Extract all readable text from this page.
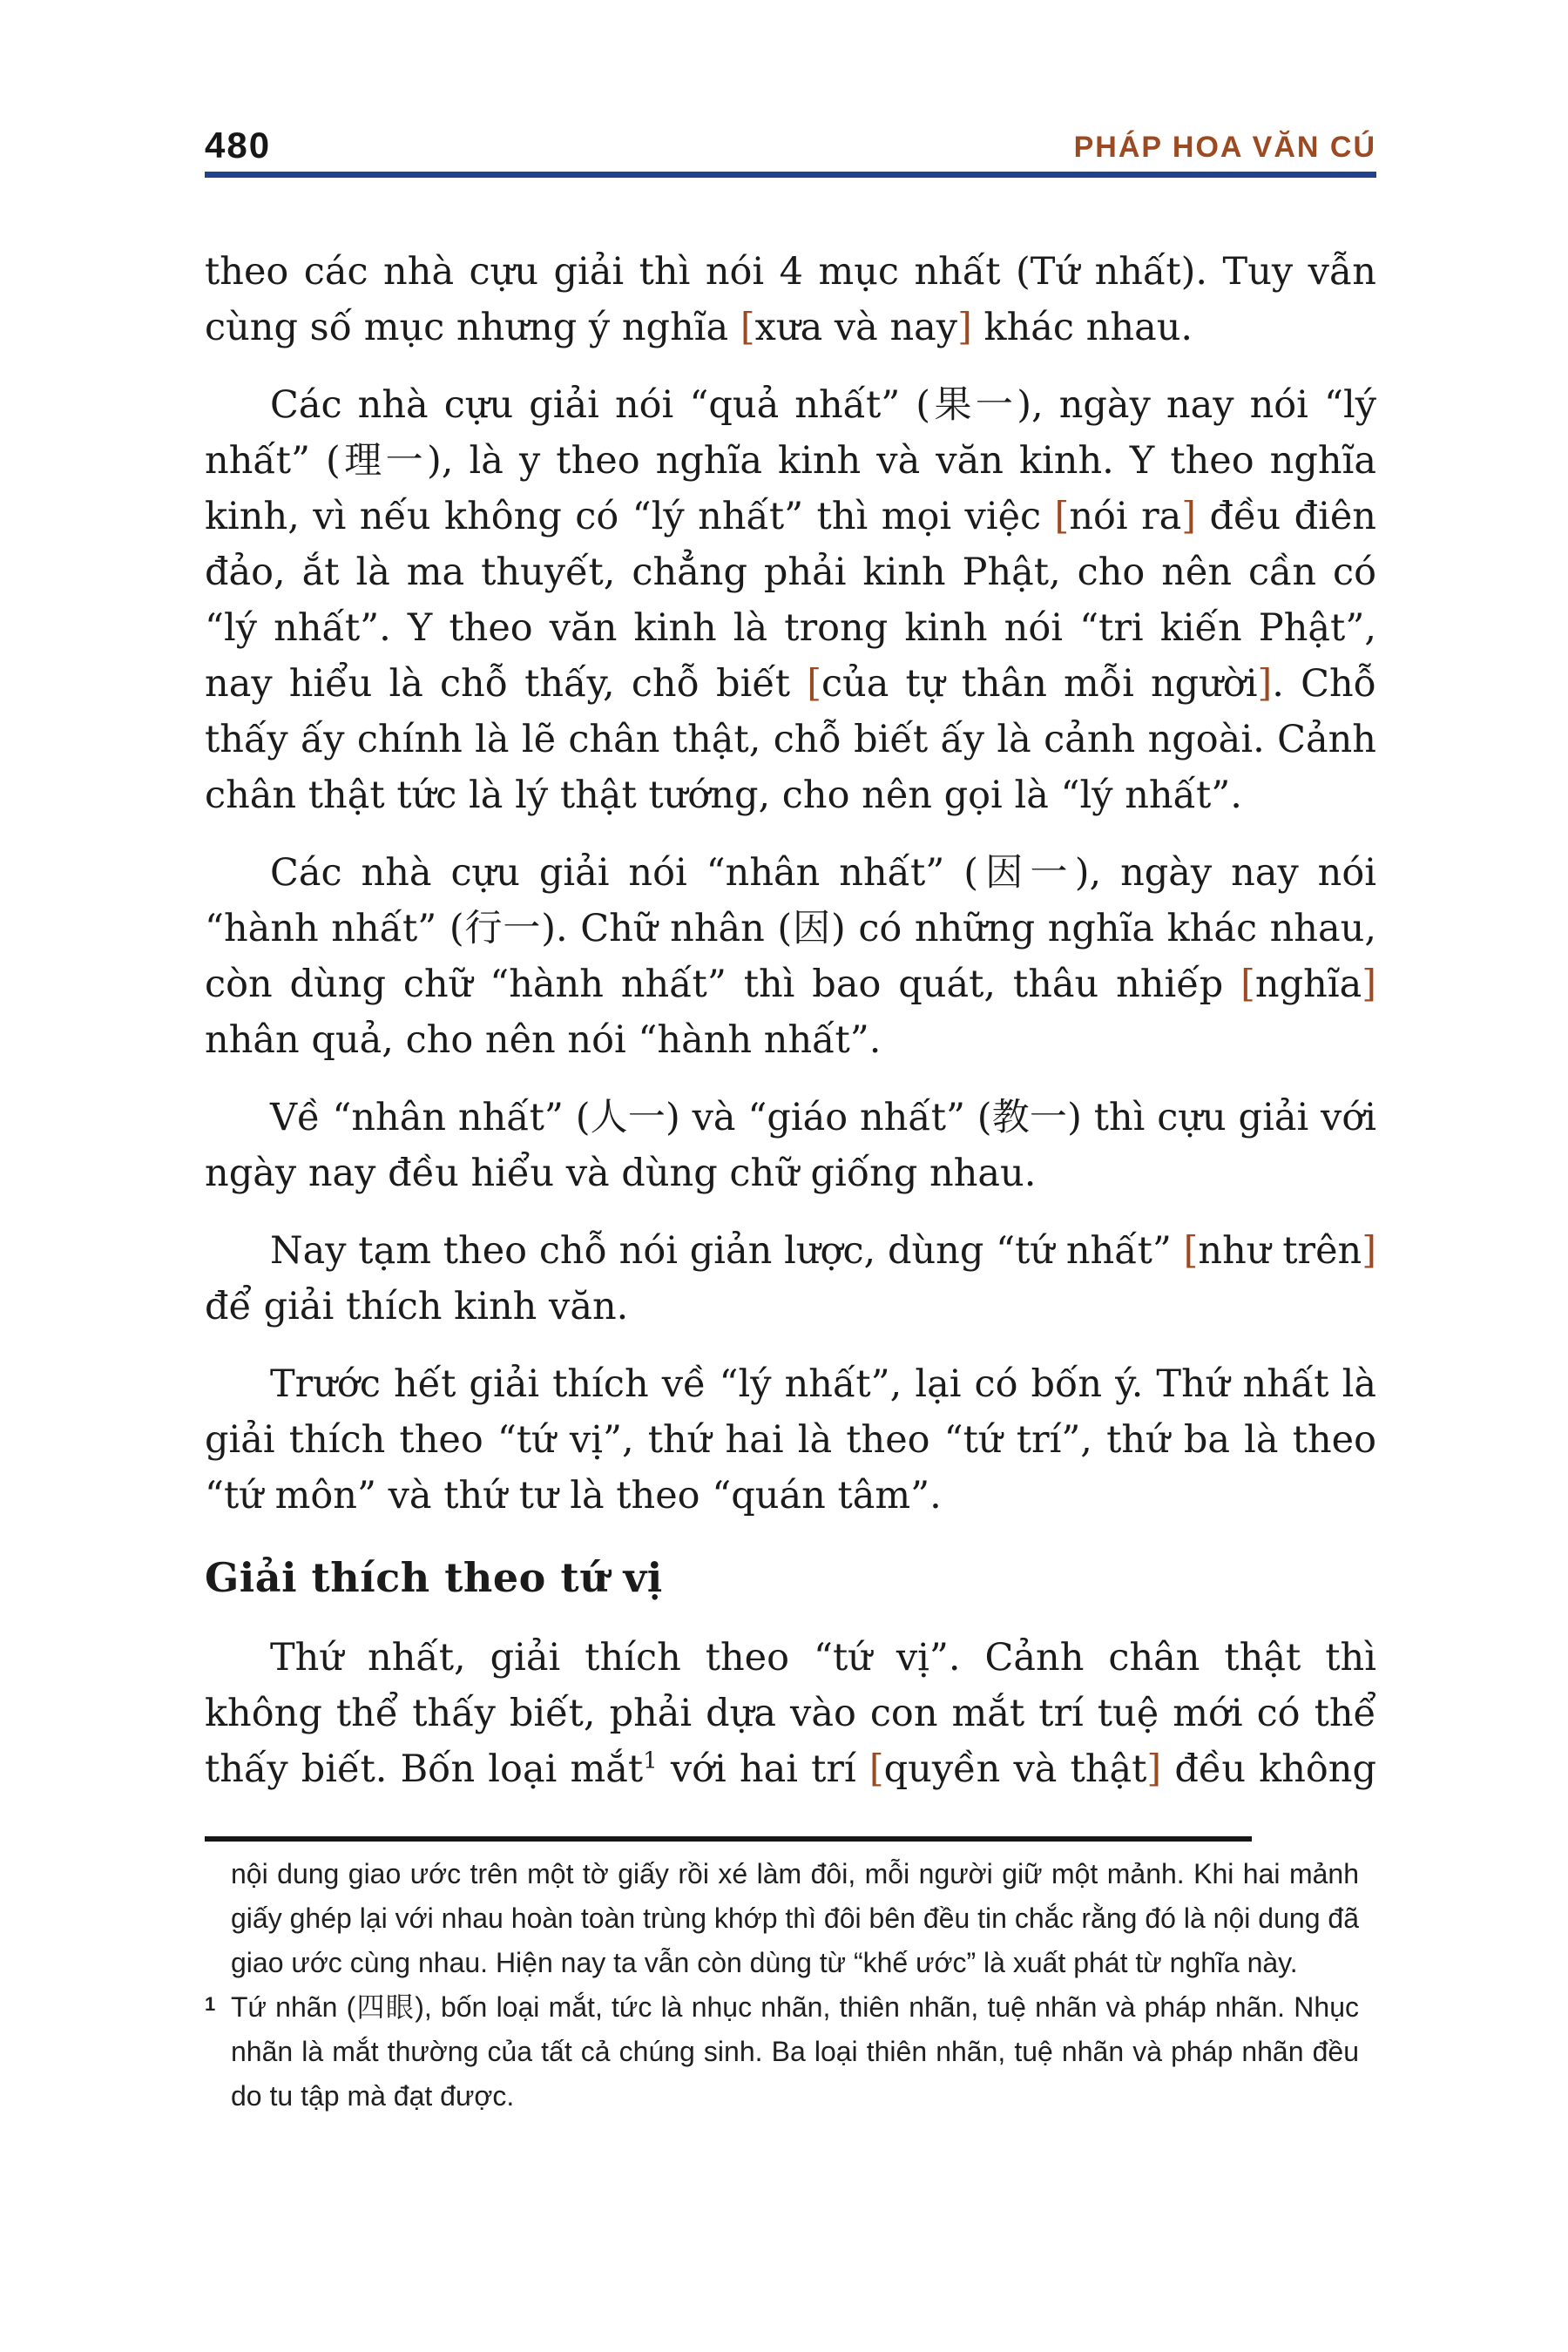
480	PHÁP HOA VĂN CÚ

theo các nhà cựu giải thì nói 4 mục nhất (Tứ nhất). Tuy vẫn cùng số mục nhưng ý nghĩa [xưa và nay] khác nhau.

Các nhà cựu giải nói “quả nhất” (果一), ngày nay nói “lý nhất” (理一), là y theo nghĩa kinh và văn kinh. Y theo nghĩa kinh, vì nếu không có “lý nhất” thì mọi việc [nói ra] đều điên đảo, ắt là ma thuyết, chẳng phải kinh Phật, cho nên cần có “lý nhất”. Y theo văn kinh là trong kinh nói “tri kiến Phật”, nay hiểu là chỗ thấy, chỗ biết [của tự thân mỗi người]. Chỗ thấy ấy chính là lẽ chân thật, chỗ biết ấy là cảnh ngoài. Cảnh chân thật tức là lý thật tướng, cho nên gọi là “lý nhất”.

Các nhà cựu giải nói “nhân nhất” (因一), ngày nay nói “hành nhất” (行一). Chữ nhân (因) có những nghĩa khác nhau, còn dùng chữ “hành nhất” thì bao quát, thâu nhiếp [nghĩa] nhân quả, cho nên nói “hành nhất”.

Về “nhân nhất” (人一) và “giáo nhất” (教一) thì cựu giải với ngày nay đều hiểu và dùng chữ giống nhau.

Nay tạm theo chỗ nói giản lược, dùng “tứ nhất” [như trên] để giải thích kinh văn.

Trước hết giải thích về “lý nhất”, lại có bốn ý. Thứ nhất là giải thích theo “tứ vị”, thứ hai là theo “tứ trí”, thứ ba là theo “tứ môn” và thứ tư là theo “quán tâm”.

Giải thích theo tứ vị

Thứ nhất, giải thích theo “tứ vị”. Cảnh chân thật thì không thể thấy biết, phải dựa vào con mắt trí tuệ mới có thể thấy biết. Bốn loại mắt$^1$ với hai trí [quyền và thật] đều không

nội dung giao ước trên một tờ giấy rồi xé làm đôi, mỗi người giữ một mảnh. Khi hai mảnh giấy ghép lại với nhau hoàn toàn trùng khớp thì đôi bên đều tin chắc rằng đó là nội dung đã giao ước cùng nhau. Hiện nay ta vẫn còn dùng từ “khế ước” là xuất phát từ nghĩa này.

1 Tứ nhãn (四眼), bốn loại mắt, tức là nhục nhãn, thiên nhãn, tuệ nhãn và pháp nhãn. Nhục nhãn là mắt thường của tất cả chúng sinh. Ba loại thiên nhãn, tuệ nhãn và pháp nhãn đều do tu tập mà đạt được.
